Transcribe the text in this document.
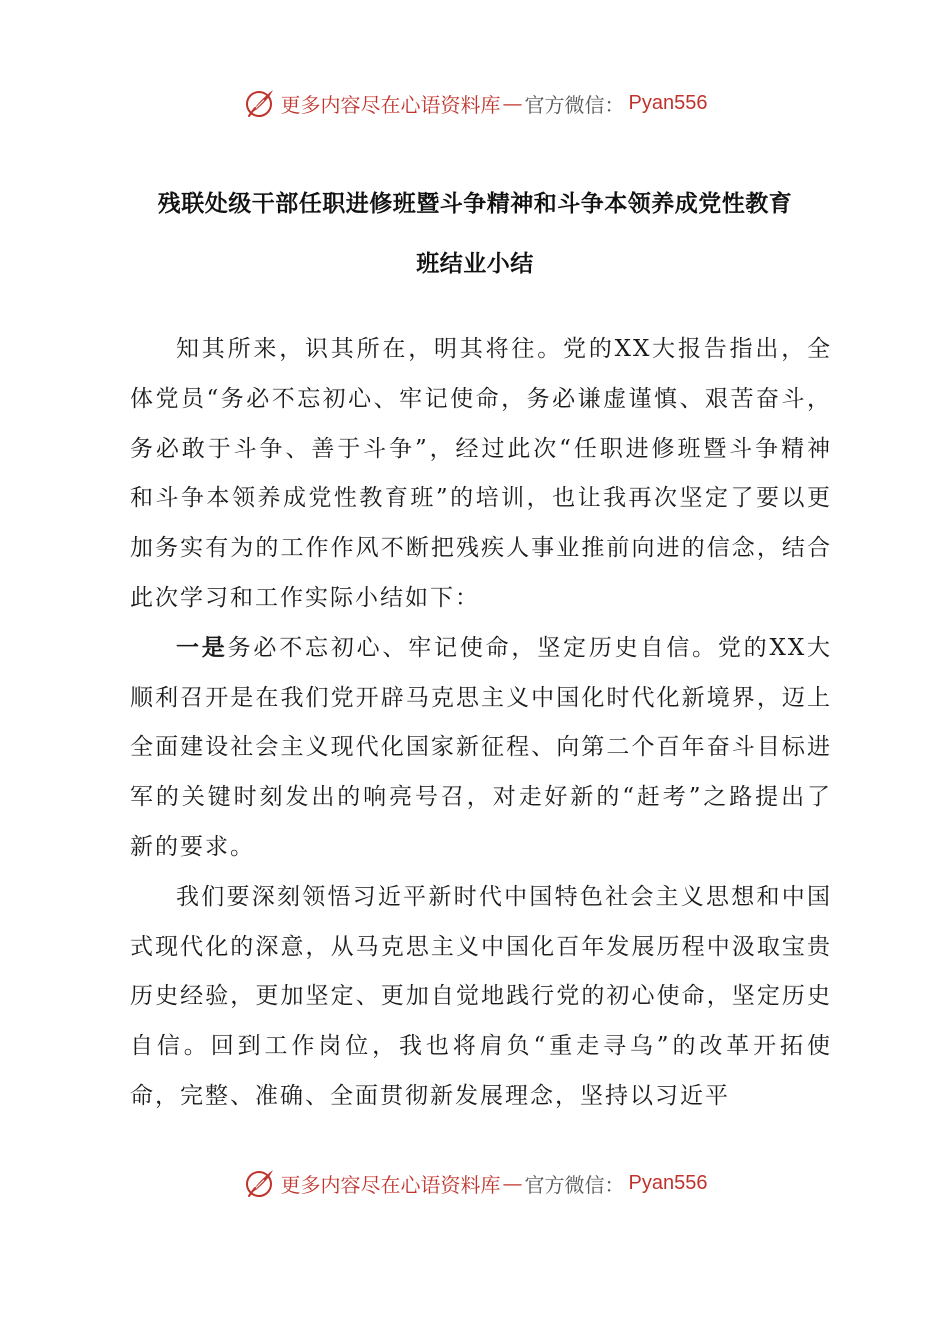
更多内容尽在心语资料库 — 官方微信： Pyan556
残联处级干部任职进修班暨斗争精神和斗争本领养成党性教育
班结业小结

知其所来，识其所在，明其将往。党的XX大报告指出，全体党员“务必不忘初心、牢记使命，务必谦虚谨慎、艰苦奋斗，务必敢于斗争、善于斗争”，经过此次“任职进修班暨斗争精神和斗争本领养成党性教育班”的培训，也让我再次坚定了要以更加务实有为的工作作风不断把残疾人事业推前向进的信念，结合此次学习和工作实际小结如下：

一是务必不忘初心、牢记使命，坚定历史自信。党的XX大顺利召开是在我们党开辟马克思主义中国化时代化新境界，迈上全面建设社会主义现代化国家新征程、向第二个百年奋斗目标进军的关键时刻发出的响亮号召，对走好新的“赶考”之路提出了新的要求。

我们要深刻领悟习近平新时代中国特色社会主义思想和中国式现代化的深意，从马克思主义中国化百年发展历程中汲取宝贵历史经验，更加坚定、更加自觉地践行党的初心使命，坚定历史自信。回到工作岗位，我也将肩负“重走寻乌”的改革开拓使命，完整、准确、全面贯彻新发展理念，坚持以习近平

更多内容尽在心语资料库 — 官方微信： Pyan556
